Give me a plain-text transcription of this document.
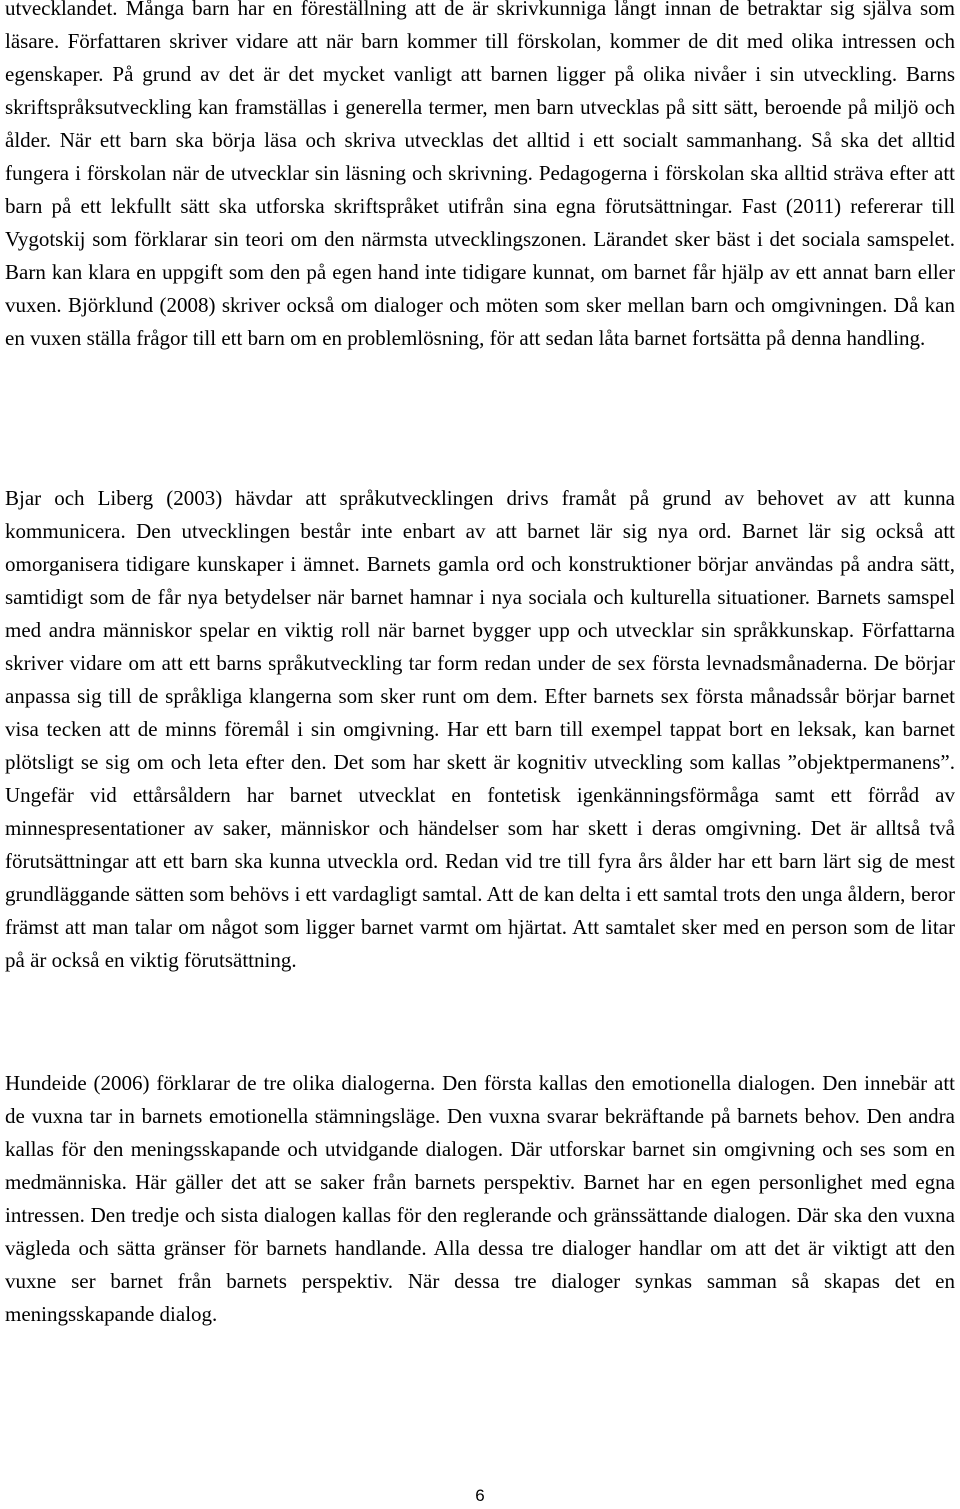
utvecklandet. Många barn har en föreställning att de är skrivkunniga långt innan de betraktar sig själva som läsare. Författaren skriver vidare att när barn kommer till förskolan, kommer de dit med olika intressen och egenskaper. På grund av det är det mycket vanligt att barnen ligger på olika nivåer i sin utveckling. Barns skriftspråksutveckling kan framställas i generella termer, men barn utvecklas på sitt sätt, beroende på miljö och ålder. När ett barn ska börja läsa och skriva utvecklas det alltid i ett socialt sammanhang. Så ska det alltid fungera i förskolan när de utvecklar sin läsning och skrivning. Pedagogerna i förskolan ska alltid sträva efter att barn på ett lekfullt sätt ska utforska skriftspråket utifrån sina egna förutsättningar. Fast (2011) refererar till Vygotskij som förklarar sin teori om den närmsta utvecklingszonen. Lärandet sker bäst i det sociala samspelet. Barn kan klara en uppgift som den på egen hand inte tidigare kunnat, om barnet får hjälp av ett annat barn eller vuxen. Björklund (2008) skriver också om dialoger och möten som sker mellan barn och omgivningen. Då kan en vuxen ställa frågor till ett barn om en problemlösning, för att sedan låta barnet fortsätta på denna handling.

Bjar och Liberg (2003) hävdar att språkutvecklingen drivs framåt på grund av behovet av att kunna kommunicera. Den utvecklingen består inte enbart av att barnet lär sig nya ord. Barnet lär sig också att omorganisera tidigare kunskaper i ämnet. Barnets gamla ord och konstruktioner börjar användas på andra sätt, samtidigt som de får nya betydelser när barnet hamnar i nya sociala och kulturella situationer. Barnets samspel med andra människor spelar en viktig roll när barnet bygger upp och utvecklar sin språkkunskap. Författarna skriver vidare om att ett barns språkutveckling tar form redan under de sex första levnadsmånaderna. De börjar anpassa sig till de språkliga klangerna som sker runt om dem. Efter barnets sex första månadssår börjar barnet visa tecken att de minns föremål i sin omgivning. Har ett barn till exempel tappat bort en leksak, kan barnet plötsligt se sig om och leta efter den. Det som har skett är kognitiv utveckling som kallas ”objektpermanens”. Ungefär vid ettårsåldern har barnet utvecklat en fontetisk igenkänningsförmåga samt ett förråd av minnespresentationer av saker, människor och händelser som har skett i deras omgivning. Det är alltså två förutsättningar att ett barn ska kunna utveckla ord. Redan vid tre till fyra års ålder har ett barn lärt sig de mest grundläggande sätten som behövs i ett vardagligt samtal. Att de kan delta i ett samtal trots den unga åldern, beror främst att man talar om något som ligger barnet varmt om hjärtat. Att samtalet sker med en person som de litar på är också en viktig förutsättning.

Hundeide (2006) förklarar de tre olika dialogerna. Den första kallas den emotionella dialogen. Den innebär att de vuxna tar in barnets emotionella stämningsläge. Den vuxna svarar bekräftande på barnets behov. Den andra kallas för den meningsskapande och utvidgande dialogen. Där utforskar barnet sin omgivning och ses som en medmänniska. Här gäller det att se saker från barnets perspektiv. Barnet har en egen personlighet med egna intressen. Den tredje och sista dialogen kallas för den reglerande och gränssättande dialogen. Där ska den vuxna vägleda och sätta gränser för barnets handlande. Alla dessa tre dialoger handlar om att det är viktigt att den vuxne ser barnet från barnets perspektiv. När dessa tre dialoger synkas samman så skapas det en meningsskapande dialog.

6
